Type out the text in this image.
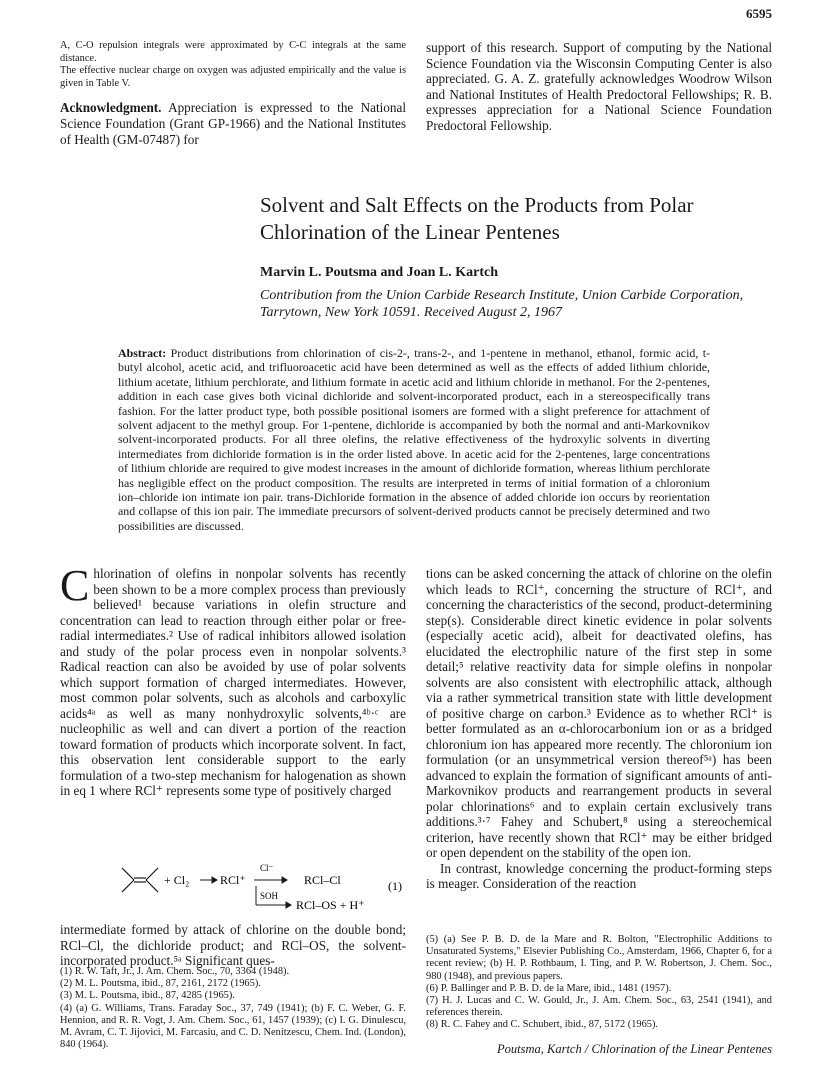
6595

A, C-O repulsion integrals were approximated by C-C integrals at the same distance.

The effective nuclear charge on oxygen was adjusted empirically and the value is given in Table V.

Acknowledgment. Appreciation is expressed to the National Science Foundation (Grant GP-1966) and the National Institutes of Health (GM-07487) for

support of this research. Support of computing by the National Science Foundation via the Wisconsin Computing Center is also appreciated. G. A. Z. gratefully acknowledges Woodrow Wilson and National Institutes of Health Predoctoral Fellowships; R. B. expresses appreciation for a National Science Foundation Predoctoral Fellowship.
Solvent and Salt Effects on the Products from Polar Chlorination of the Linear Pentenes
Marvin L. Poutsma and Joan L. Kartch
Contribution from the Union Carbide Research Institute, Union Carbide Corporation, Tarrytown, New York 10591. Received August 2, 1967
Abstract: Product distributions from chlorination of cis-2-, trans-2-, and 1-pentene in methanol, ethanol, formic acid, t-butyl alcohol, acetic acid, and trifluoroacetic acid have been determined as well as the effects of added lithium chloride, lithium acetate, lithium perchlorate, and lithium formate in acetic acid and lithium chloride in methanol. For the 2-pentenes, addition in each case gives both vicinal dichloride and solvent-incorporated product, each in a stereospecifically trans fashion. For the latter product type, both possible positional isomers are formed with a slight preference for attachment of solvent adjacent to the methyl group. For 1-pentene, dichloride is accompanied by both the normal and anti-Markovnikov solvent-incorporated products. For all three olefins, the relative effectiveness of the hydroxylic solvents in diverting intermediates from dichloride formation is in the order listed above. In acetic acid for the 2-pentenes, large concentrations of lithium chloride are required to give modest increases in the amount of dichloride formation, whereas lithium perchlorate has negligible effect on the product composition. The results are interpreted in terms of initial formation of a chloronium ion–chloride ion intimate ion pair. trans-Dichloride formation in the absence of added chloride ion occurs by reorientation and collapse of this ion pair. The immediate precursors of solvent-derived products cannot be precisely determined and two possibilities are discussed.
Chlorination of olefins in nonpolar solvents has recently been shown to be a more complex process than previously believed¹ because variations in olefin structure and concentration can lead to reaction through either polar or free-radial intermediates.² Use of radical inhibitors allowed isolation and study of the polar process even in nonpolar solvents.³ Radical reaction can also be avoided by use of polar solvents which support formation of charged intermediates. However, most common polar solvents, such as alcohols and carboxylic acids⁴ᵃ as well as many nonhydroxylic solvents,⁴ᵇ·ᶜ are nucleophilic as well and can divert a portion of the reaction toward formation of products which incorporate solvent. In fact, this observation lent considerable support to the early formulation of a two-step mechanism for halogenation as shown in eq 1 where RCl⁺ represents some type of positively charged
+ Cl₂	RCl⁺
Cl⁻
RCl–Cl
SOH
RCl–OS + H⁺
(1)
intermediate formed by attack of chlorine on the double bond; RCl–Cl, the dichloride product; and RCl–OS, the solvent-incorporated product.⁵ᵃ Significant ques-

tions can be asked concerning the attack of chlorine on the olefin which leads to RCl⁺, concerning the structure of RCl⁺, and concerning the characteristics of the second, product-determining step(s). Considerable direct kinetic evidence in polar solvents (especially acetic acid), albeit for deactivated olefins, has elucidated the electrophilic nature of the first step in some detail;⁵ relative reactivity data for simple olefins in nonpolar solvents are also consistent with electrophilic attack, although via a rather symmetrical transition state with little development of positive charge on carbon.³ Evidence as to whether RCl⁺ is better formulated as an α-chlorocarbonium ion or as a bridged chloronium ion has appeared more recently. The chloronium ion formulation (or an unsymmetrical version thereof⁵ᵃ) has been advanced to explain the formation of significant amounts of anti-Markovnikov products and rearrangement products in several polar chlorinations⁶ and to explain certain exclusively trans additions.³·⁷ Fahey and Schubert,⁸ using a stereochemical criterion, have recently shown that RCl⁺ may be either bridged or open dependent on the stability of the open ion.

In contrast, knowledge concerning the product-forming steps is meager. Consideration of the reaction

(1) R. W. Taft, Jr., J. Am. Chem. Soc., 70, 3364 (1948).

(2) M. L. Poutsma, ibid., 87, 2161, 2172 (1965).

(3) M. L. Poutsma, ibid., 87, 4285 (1965).

(4) (a) G. Williams, Trans. Faraday Soc., 37, 749 (1941); (b) F. C. Weber, G. F. Hennion, and R. R. Vogt, J. Am. Chem. Soc., 61, 1457 (1939); (c) I. G. Dinulescu, M. Avram, C. T. Jijovici, M. Farcasiu, and C. D. Nenitzescu, Chem. Ind. (London), 840 (1964).

(5) (a) See P. B. D. de la Mare and R. Bolton, "Electrophilic Additions to Unsaturated Systems," Elsevier Publishing Co., Amsterdam, 1966, Chapter 6, for a recent review; (b) H. P. Rothbaum, I. Ting, and P. W. Robertson, J. Chem. Soc., 980 (1948), and previous papers.

(6) P. Ballinger and P. B. D. de la Mare, ibid., 1481 (1957).

(7) H. J. Lucas and C. W. Gould, Jr., J. Am. Chem. Soc., 63, 2541 (1941), and references therein.

(8) R. C. Fahey and C. Schubert, ibid., 87, 5172 (1965).

Poutsma, Kartch / Chlorination of the Linear Pentenes
